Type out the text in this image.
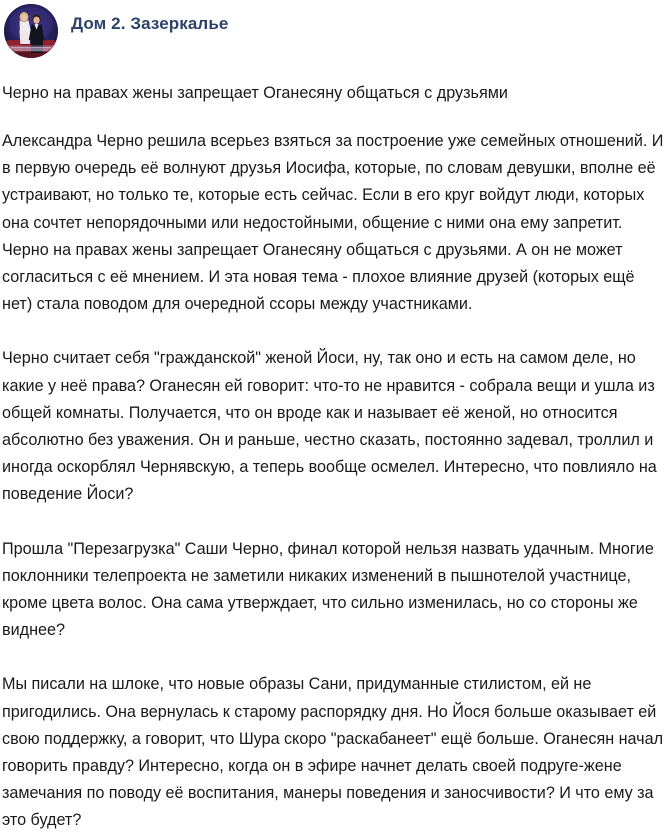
Дом 2. Зазеркалье
Черно на правах жены запрещает Оганесяну общаться с друзьями

Александра Черно решила всерьез взяться за построение уже семейных отношений. И в первую очередь её волнуют друзья Иосифа, которые, по словам девушки, вполне её устраивают, но только те, которые есть сейчас. Если в его круг войдут люди, которых она сочтет непорядочными или недостойными, общение с ними она ему запретит. Черно на правах жены запрещает Оганесяну общаться с друзьями. А он не может согласиться с её мнением. И эта новая тема - плохое влияние друзей (которых ещё нет) стала поводом для очередной ссоры между участниками.

Черно считает себя "гражданской" женой Йоси, ну, так оно и есть на самом деле, но какие у неё права? Оганесян ей говорит: что-то не нравится - собрала вещи и ушла из общей комнаты. Получается, что он вроде как и называет её женой, но относится абсолютно без уважения. Он и раньше, честно сказать, постоянно задевал, троллил и иногда оскорблял Чернявскую, а теперь вообще осмелел. Интересно, что повлияло на поведение Йоси?

Прошла "Перезагрузка" Саши Черно, финал которой нельзя назвать удачным. Многие поклонники телепроекта не заметили никаких изменений в пышнотелой участнице, кроме цвета волос. Она сама утверждает, что сильно изменилась, но со стороны же виднее?

Мы писали на шлоке, что новые образы Сани, придуманные стилистом, ей не пригодились. Она вернулась к старому распорядку дня. Но Йося больше оказывает ей свою поддержку, а говорит, что Шура скоро "раскабанеет" ещё больше. Оганесян начал говорить правду? Интересно, когда он в эфире начнет делать своей подруге-жене замечания по поводу её воспитания, манеры поведения и заносчивости? И что ему за это будет?
